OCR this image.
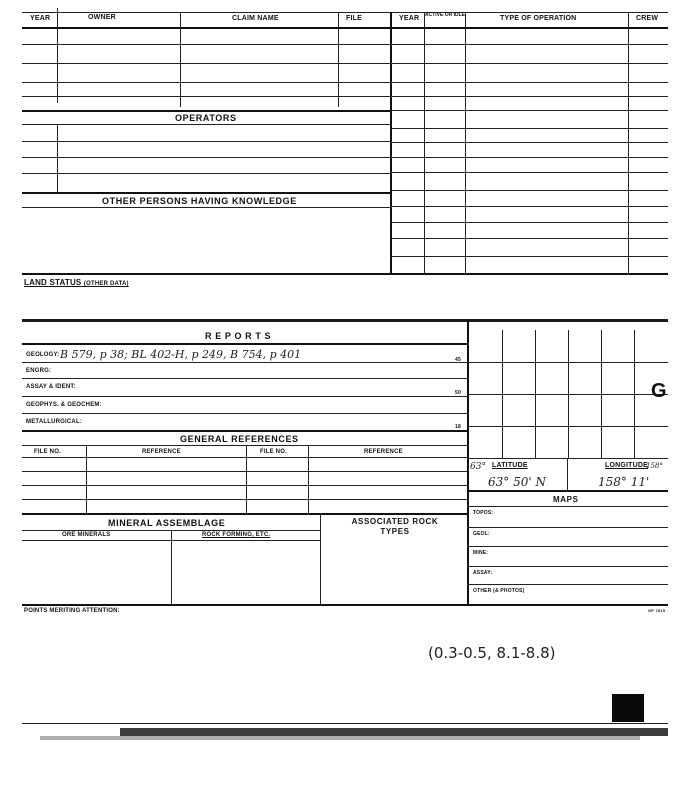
YEAR	OWNER	CLAIM NAME	FILE	YEAR ACTIVE OR IDLE	TYPE OF OPERATION	CREW
OPERATORS
OTHER PERSONS HAVING KNOWLEDGE
LAND STATUS (OTHER DATA)
R E P O R T S
GEOLOGY: B 579, p 38; BL 402-H, p 249, B 754, p 401	45
ENGRG:
ASSAY & IDENT:
50
GEOPHYS. & GEOCHEM:
METALLURGICAL:
18
GENERAL REFERENCES
FILE NO.	REFERENCE	FILE NO.	REFERENCE
MINERAL ASSEMBLAGE
ORE MINERALS	ROCK FORMING, ETC.
ASSOCIATED ROCK TYPES
G
63° LATITUDE	LONGITUDE
158°
63° 50' N	158° 11'
MAPS
TOPOS:
GEOL:
MINE:
ASSAY:
OTHER (& PHOTOS)
POINTS MERITING ATTENTION:	GP 7815
(0.3-0.5, 8.1-8.8)
